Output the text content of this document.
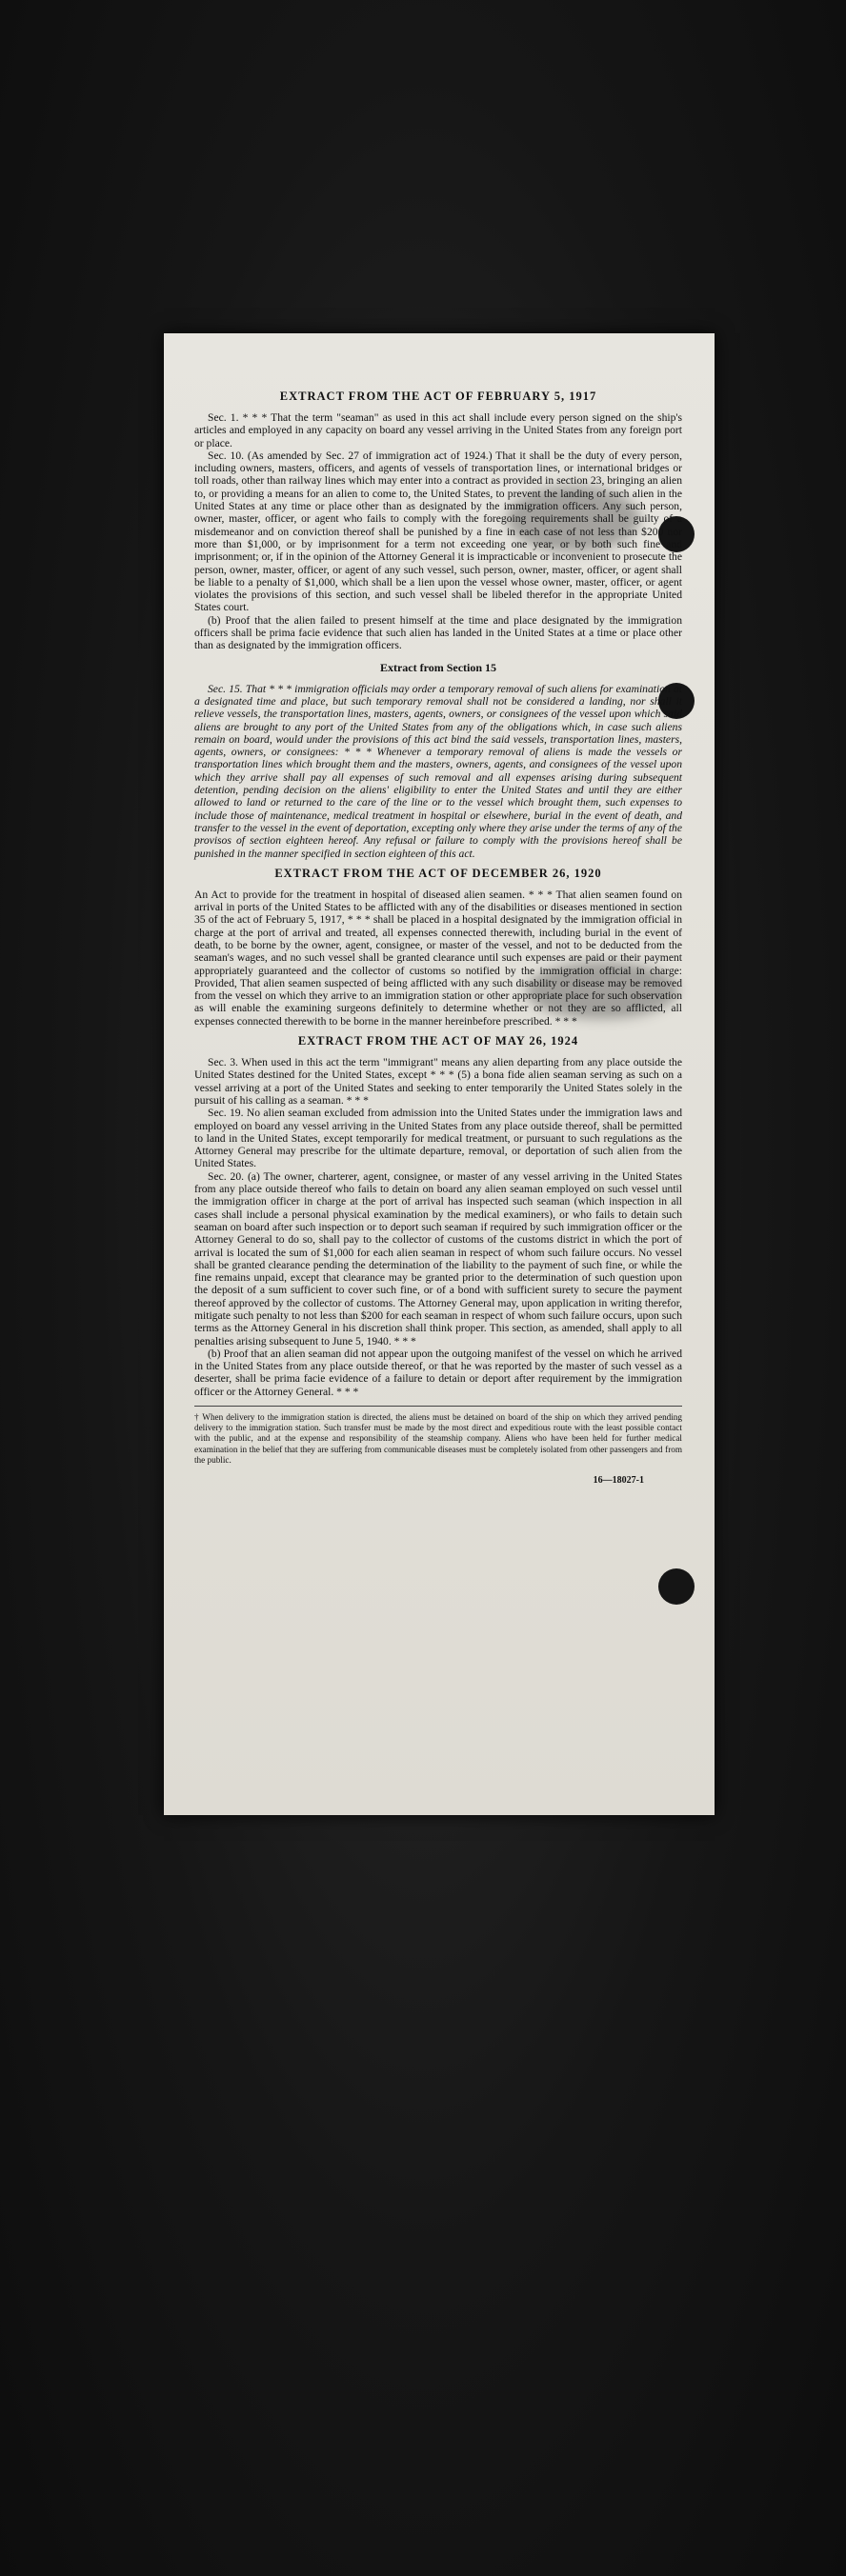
EXTRACT FROM THE ACT OF FEBRUARY 5, 1917

Sec. 1. * * * That the term "seaman" as used in this act shall include every person signed on the ship's articles and employed in any capacity on board any vessel arriving in the United States from any foreign port or place.

Sec. 10. (As amended by Sec. 27 of immigration act of 1924.) That it shall be the duty of every person, including owners, masters, officers, and agents of vessels of transportation lines, or international bridges or toll roads, other than railway lines which may enter into a contract as provided in section 23, bringing an alien to, or providing a means for an alien to come to, the United States, to prevent the landing of such alien in the United States at any time or place other than as designated by the immigration officers. Any such person, owner, master, officer, or agent who fails to comply with the foregoing requirements shall be guilty of a misdemeanor and on conviction thereof shall be punished by a fine in each case of not less than $200 nor more than $1,000, or by imprisonment for a term not exceeding one year, or by both such fine and imprisonment; or, if in the opinion of the Attorney General it is impracticable or inconvenient to prosecute the person, owner, master, officer, or agent of any such vessel, such person, owner, master, officer, or agent shall be liable to a penalty of $1,000, which shall be a lien upon the vessel whose owner, master, officer, or agent violates the provisions of this section, and such vessel shall be libeled therefor in the appropriate United States court.

(b) Proof that the alien failed to present himself at the time and place designated by the immigration officers shall be prima facie evidence that such alien has landed in the United States at a time or place other than as designated by the immigration officers.

Extract from Section 15

Sec. 15. That * * * immigration officials may order a temporary removal of such aliens for examination at a designated time and place, but such temporary removal shall not be considered a landing, nor shall it relieve vessels, the transportation lines, masters, agents, owners, or consignees of the vessel upon which said aliens are brought to any port of the United States from any of the obligations which, in case such aliens remain on board, would under the provisions of this act bind the said vessels, transportation lines, masters, agents, owners, or consignees: * * * Whenever a temporary removal of aliens is made the vessels or transportation lines which brought them and the masters, owners, agents, and consignees of the vessel upon which they arrive shall pay all expenses of such removal and all expenses arising during subsequent detention, pending decision on the aliens' eligibility to enter the United States and until they are either allowed to land or returned to the care of the line or to the vessel which brought them, such expenses to include those of maintenance, medical treatment in hospital or elsewhere, burial in the event of death, and transfer to the vessel in the event of deportation, excepting only where they arise under the terms of any of the provisos of section eighteen hereof. Any refusal or failure to comply with the provisions hereof shall be punished in the manner specified in section eighteen of this act.

EXTRACT FROM THE ACT OF DECEMBER 26, 1920

An Act to provide for the treatment in hospital of diseased alien seamen. * * * That alien seamen found on arrival in ports of the United States to be afflicted with any of the disabilities or diseases mentioned in section 35 of the act of February 5, 1917, * * * shall be placed in a hospital designated by the immigration official in charge at the port of arrival and treated, all expenses connected therewith, including burial in the event of death, to be borne by the owner, agent, consignee, or master of the vessel, and not to be deducted from the seaman's wages, and no such vessel shall be granted clearance until such expenses are paid or their payment appropriately guaranteed and the collector of customs so notified by the immigration official in charge: Provided, That alien seamen suspected of being afflicted with any such disability or disease may be removed from the vessel on which they arrive to an immigration station or other appropriate place for such observation as will enable the examining surgeons definitely to determine whether or not they are so afflicted, all expenses connected therewith to be borne in the manner hereinbefore prescribed. * * *

EXTRACT FROM THE ACT OF MAY 26, 1924

Sec. 3. When used in this act the term "immigrant" means any alien departing from any place outside the United States destined for the United States, except * * * (5) a bona fide alien seaman serving as such on a vessel arriving at a port of the United States and seeking to enter temporarily the United States solely in the pursuit of his calling as a seaman. * * *

Sec. 19. No alien seaman excluded from admission into the United States under the immigration laws and employed on board any vessel arriving in the United States from any place outside thereof, shall be permitted to land in the United States, except temporarily for medical treatment, or pursuant to such regulations as the Attorney General may prescribe for the ultimate departure, removal, or deportation of such alien from the United States.

Sec. 20. (a) The owner, charterer, agent, consignee, or master of any vessel arriving in the United States from any place outside thereof who fails to detain on board any alien seaman employed on such vessel until the immigration officer in charge at the port of arrival has inspected such seaman (which inspection in all cases shall include a personal physical examination by the medical examiners), or who fails to detain such seaman on board after such inspection or to deport such seaman if required by such immigration officer or the Attorney General to do so, shall pay to the collector of customs of the customs district in which the port of arrival is located the sum of $1,000 for each alien seaman in respect of whom such failure occurs. No vessel shall be granted clearance pending the determination of the liability to the payment of such fine, or while the fine remains unpaid, except that clearance may be granted prior to the determination of such question upon the deposit of a sum sufficient to cover such fine, or of a bond with sufficient surety to secure the payment thereof approved by the collector of customs. The Attorney General may, upon application in writing therefor, mitigate such penalty to not less than $200 for each seaman in respect of whom such failure occurs, upon such terms as the Attorney General in his discretion shall think proper. This section, as amended, shall apply to all penalties arising subsequent to June 5, 1940. * * *

(b) Proof that an alien seaman did not appear upon the outgoing manifest of the vessel on which he arrived in the United States from any place outside thereof, or that he was reported by the master of such vessel as a deserter, shall be prima facie evidence of a failure to detain or deport after requirement by the immigration officer or the Attorney General. * * *

† When delivery to the immigration station is directed, the aliens must be detained on board of the ship on which they arrived pending delivery to the immigration station. Such transfer must be made by the most direct and expeditious route with the least possible contact with the public, and at the expense and responsibility of the steamship company. Aliens who have been held for further medical examination in the belief that they are suffering from communicable diseases must be completely isolated from other passengers and from the public.
16—18027-1
